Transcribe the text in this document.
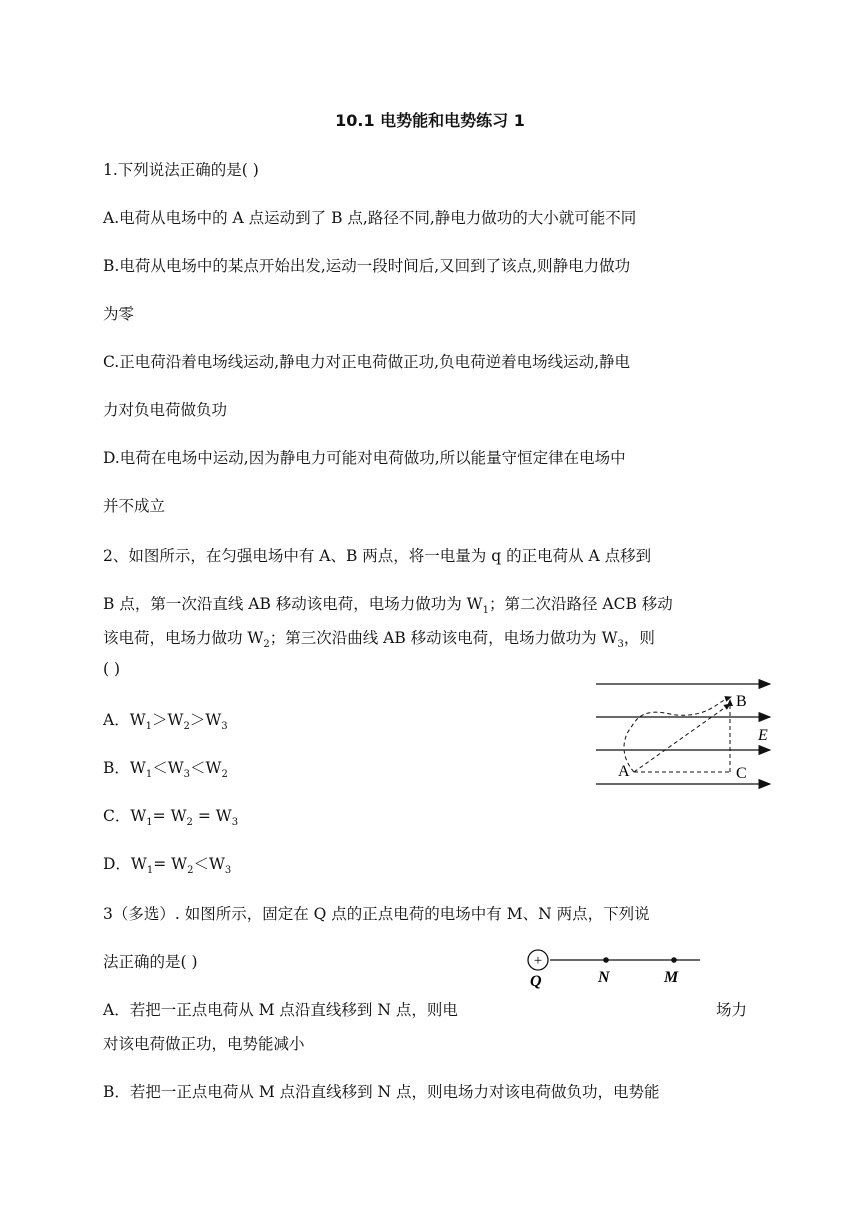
10.1 电势能和电势练习 1
1.下列说法正确的是( )
A.电荷从电场中的 A 点运动到了 B 点,路径不同,静电力做功的大小就可能不同
B.电荷从电场中的某点开始出发,运动一段时间后,又回到了该点,则静电力做功
为零
C.正电荷沿着电场线运动,静电力对正电荷做正功,负电荷逆着电场线运动,静电
力对负电荷做负功
D.电荷在电场中运动,因为静电力可能对电荷做功,所以能量守恒定律在电场中
并不成立
2、如图所示，在匀强电场中有 A、B 两点，将一电量为 q 的正电荷从 A 点移到
B 点，第一次沿直线 AB 移动该电荷，电场力做功为 $W_1$；第二次沿路径 ACB 移动
该电荷，电场力做功 $W_2$；第三次沿曲线 AB 移动该电荷，电场力做功为 $W_3$，则
( )
A．$W_1>W_2>W_3$
B．$W_1<W_3<W_2$
C．$W_1= W_2 = W_3$
D．$W_1= W_2<W_3$
A
B
C
E
3（多选）. 如图所示，固定在 Q 点的正点电荷的电场中有 M、N 两点，下列说
法正确的是( )
A．若把一正点电荷从 M 点沿直线移到 N 点，则电	场力
对该电荷做正功，电势能减小
B．若把一正点电荷从 M 点沿直线移到 N 点，则电场力对该电荷做负功，电势能
+
Q	N	M
